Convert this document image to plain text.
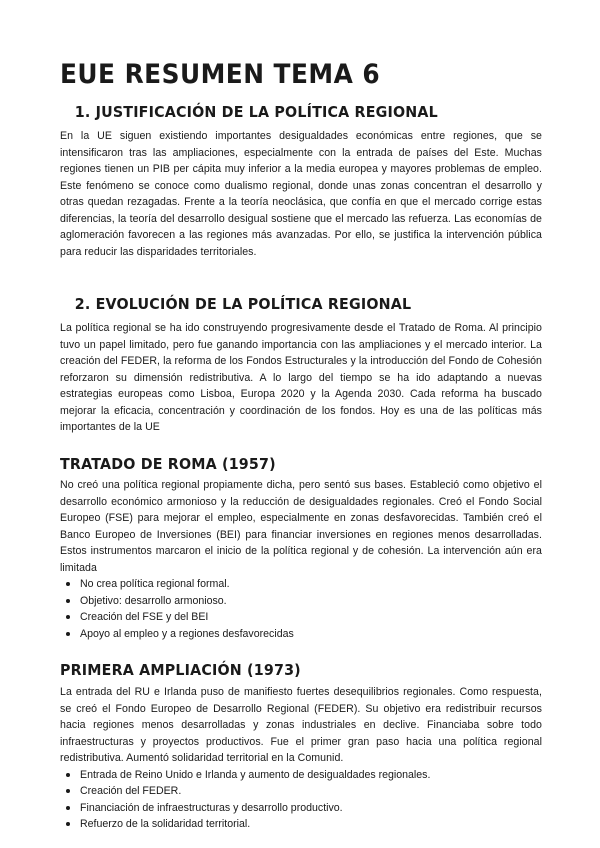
EUE RESUMEN TEMA 6
1. JUSTIFICACIÓN DE LA POLÍTICA REGIONAL

En la UE siguen existiendo importantes desigualdades económicas entre regiones, que se intensificaron tras las ampliaciones, especialmente con la entrada de países del Este. Muchas regiones tienen un PIB per cápita muy inferior a la media europea y mayores problemas de empleo. Este fenómeno se conoce como dualismo regional, donde unas zonas concentran el desarrollo y otras quedan rezagadas. Frente a la teoría neoclásica, que confía en que el mercado corrige estas diferencias, la teoría del desarrollo desigual sostiene que el mercado las refuerza. Las economías de aglomeración favorecen a las regiones más avanzadas. Por ello, se justifica la intervención pública para reducir las disparidades territoriales.

2. EVOLUCIÓN DE LA POLÍTICA REGIONAL

La política regional se ha ido construyendo progresivamente desde el Tratado de Roma. Al principio tuvo un papel limitado, pero fue ganando importancia con las ampliaciones y el mercado interior. La creación del FEDER, la reforma de los Fondos Estructurales y la introducción del Fondo de Cohesión reforzaron su dimensión redistributiva. A lo largo del tiempo se ha ido adaptando a nuevas estrategias europeas como Lisboa, Europa 2020 y la Agenda 2030. Cada reforma ha buscado mejorar la eficacia, concentración y coordinación de los fondos. Hoy es una de las políticas más importantes de la UE

TRATADO DE ROMA (1957)

No creó una política regional propiamente dicha, pero sentó sus bases. Estableció como objetivo el desarrollo económico armonioso y la reducción de desigualdades regionales. Creó el Fondo Social Europeo (FSE) para mejorar el empleo, especialmente en zonas desfavorecidas. También creó el Banco Europeo de Inversiones (BEI) para financiar inversiones en regiones menos desarrolladas. Estos instrumentos marcaron el inicio de la política regional y de cohesión. La intervención aún era limitada

No crea política regional formal.
Objetivo: desarrollo armonioso.
Creación del FSE y del BEI
Apoyo al empleo y a regiones desfavorecidas
PRIMERA AMPLIACIÓN (1973)

La entrada del RU e Irlanda puso de manifiesto fuertes desequilibrios regionales. Como respuesta, se creó el Fondo Europeo de Desarrollo Regional (FEDER). Su objetivo era redistribuir recursos hacia regiones menos desarrolladas y zonas industriales en declive. Financiaba sobre todo infraestructuras y proyectos productivos. Fue el primer gran paso hacia una política regional redistributiva. Aumentó solidaridad territorial en la Comunid.

Entrada de Reino Unido e Irlanda y aumento de desigualdades regionales.
Creación del FEDER.
Financiación de infraestructuras y desarrollo productivo.
Refuerzo de la solidaridad territorial.
